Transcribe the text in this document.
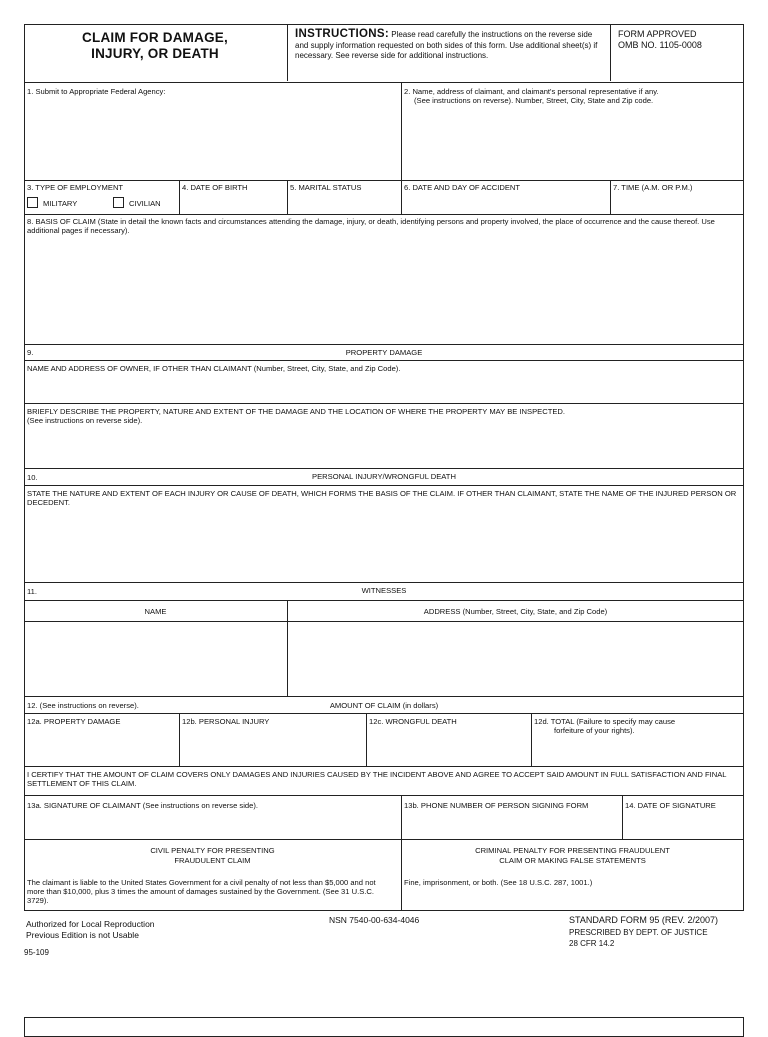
CLAIM FOR DAMAGE,
INJURY, OR DEATH
INSTRUCTIONS: Please read carefully the instructions on the reverse side and supply information requested on both sides of this form. Use additional sheet(s) if necessary. See reverse side for additional instructions.
FORM APPROVED
OMB NO. 1105-0008
1. Submit to Appropriate Federal Agency:	2. Name, address of claimant, and claimant's personal representative if any.
(See instructions on reverse). Number, Street, City, State and Zip code.
3. TYPE OF EMPLOYMENT
MILITARY	CIVILIAN
4. DATE OF BIRTH	5. MARITAL STATUS	6. DATE AND DAY OF ACCIDENT	7. TIME (A.M. OR P.M.)
8. BASIS OF CLAIM (State in detail the known facts and circumstances attending the damage, injury, or death, identifying persons and property involved, the place of occurrence and the cause thereof. Use additional pages if necessary).
9.	PROPERTY DAMAGE
NAME AND ADDRESS OF OWNER, IF OTHER THAN CLAIMANT (Number, Street, City, State, and Zip Code).
BRIEFLY DESCRIBE THE PROPERTY, NATURE AND EXTENT OF THE DAMAGE AND THE LOCATION OF WHERE THE PROPERTY MAY BE INSPECTED.
(See instructions on reverse side).
10.	PERSONAL INJURY/WRONGFUL DEATH
STATE THE NATURE AND EXTENT OF EACH INJURY OR CAUSE OF DEATH, WHICH FORMS THE BASIS OF THE CLAIM. IF OTHER THAN CLAIMANT, STATE THE NAME OF THE INJURED PERSON OR DECEDENT.
11.	WITNESSES
NAME	ADDRESS (Number, Street, City, State, and Zip Code)
12. (See instructions on reverse).	AMOUNT OF CLAIM (in dollars)
12a. PROPERTY DAMAGE	12b. PERSONAL INJURY	12c. WRONGFUL DEATH	12d. TOTAL (Failure to specify may cause
forfeiture of your rights).
I CERTIFY THAT THE AMOUNT OF CLAIM COVERS ONLY DAMAGES AND INJURIES CAUSED BY THE INCIDENT ABOVE AND AGREE TO ACCEPT SAID AMOUNT IN FULL SATISFACTION AND FINAL SETTLEMENT OF THIS CLAIM.
13a. SIGNATURE OF CLAIMANT (See instructions on reverse side).	13b. PHONE NUMBER OF PERSON SIGNING FORM	14. DATE OF SIGNATURE
CIVIL PENALTY FOR PRESENTING
FRAUDULENT CLAIM
The claimant is liable to the United States Government for a civil penalty of not less than $5,000 and not more than $10,000, plus 3 times the amount of damages sustained by the Government. (See 31 U.S.C. 3729).
CRIMINAL PENALTY FOR PRESENTING FRAUDULENT
CLAIM OR MAKING FALSE STATEMENTS
Fine, imprisonment, or both. (See 18 U.S.C. 287, 1001.)
Authorized for Local Reproduction
Previous Edition is not Usable
NSN 7540-00-634-4046	STANDARD FORM 95 (REV. 2/2007)
PRESCRIBED BY DEPT. OF JUSTICE
28 CFR 14.2
95-109
